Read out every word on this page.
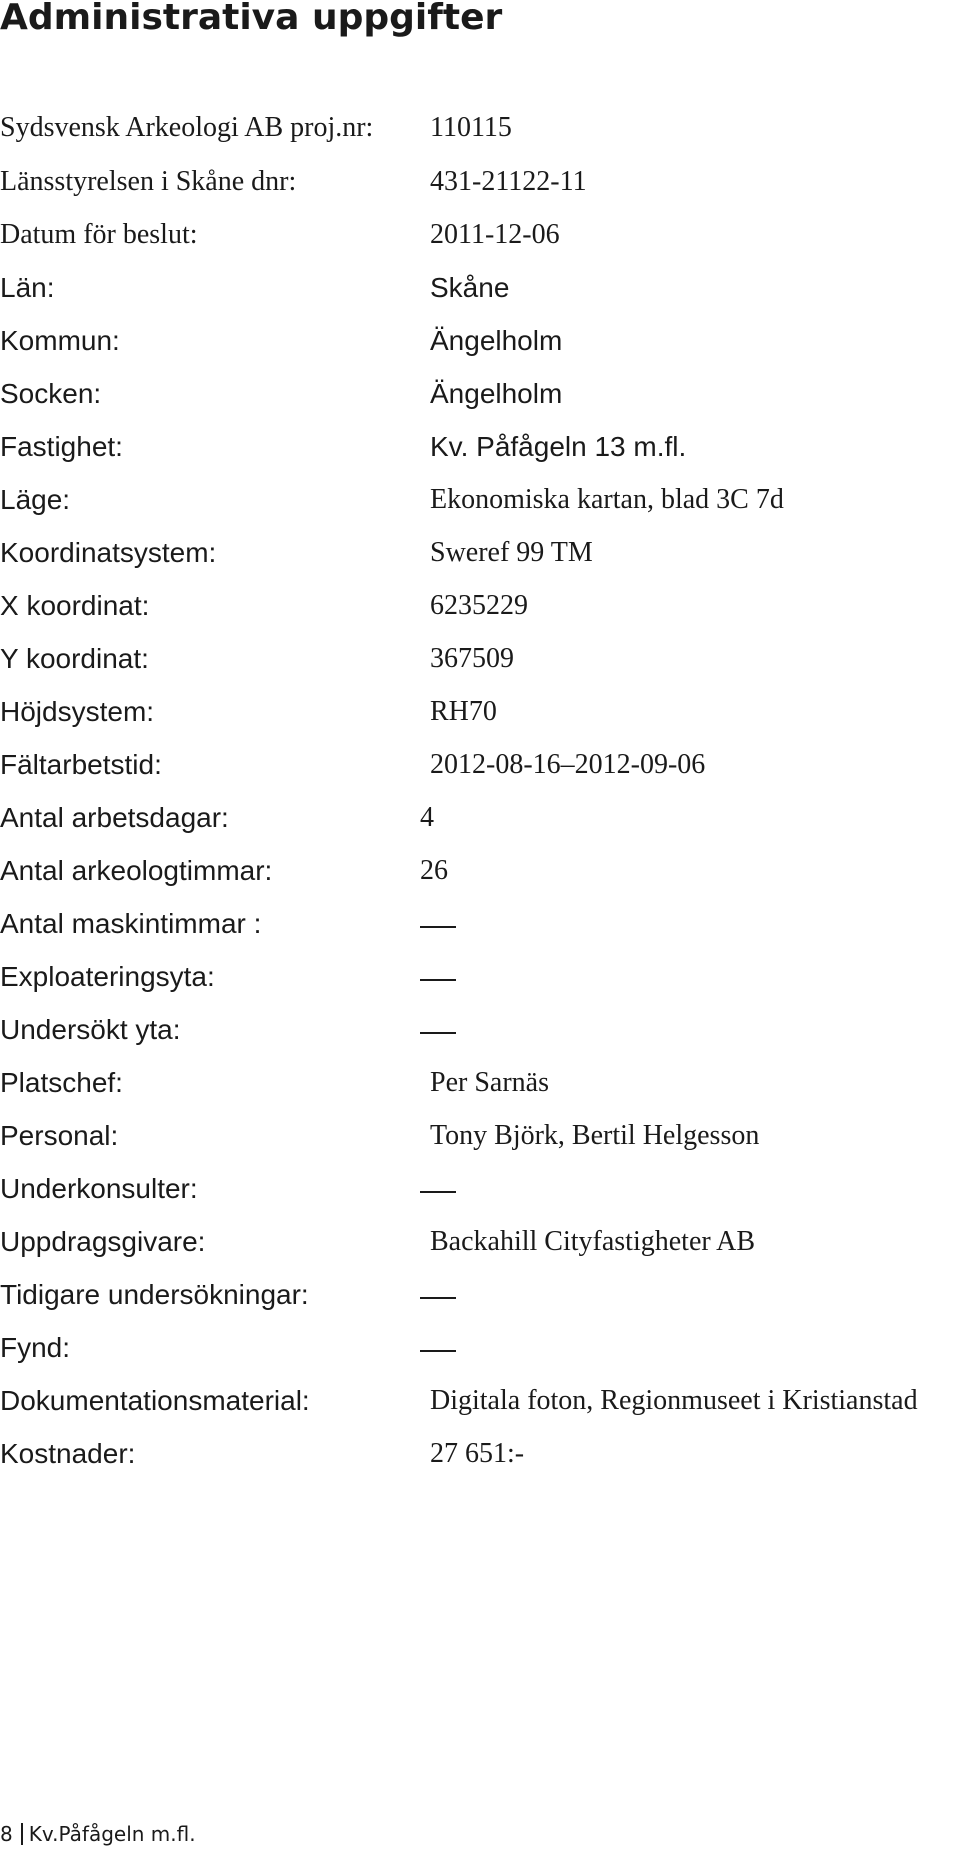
Administrativa uppgifter
Sydsvensk Arkeologi AB proj.nr: 110115
Länsstyrelsen i Skåne dnr:	431-21122-11
Datum för beslut:	2011-12-06
Län:	Skåne
Kommun:	Ängelholm
Socken:	Ängelholm
Fastighet:	Kv. Påfågeln 13 m.fl.
Läge:	Ekonomiska kartan, blad 3C 7d
Koordinatsystem:	Sweref 99 TM
X koordinat:	6235229
Y koordinat:	367509
Höjdsystem:	RH70
Fältarbetstid:	2012-08-16–2012-09-06
Antal arbetsdagar:	4
Antal arkeologtimmar:	26
Antal maskintimmar :
Exploateringsyta:
Undersökt yta:
Platschef:	Per Sarnäs
Personal:	Tony Björk, Bertil Helgesson
Underkonsulter:
Uppdragsgivare:	Backahill Cityfastigheter AB
Tidigare undersökningar:
Fynd:
Dokumentationsmaterial:	Digitala foton, Regionmuseet i Kristianstad
Kostnader:	27 651:-
8 Kv.Påfågeln m.fl.
